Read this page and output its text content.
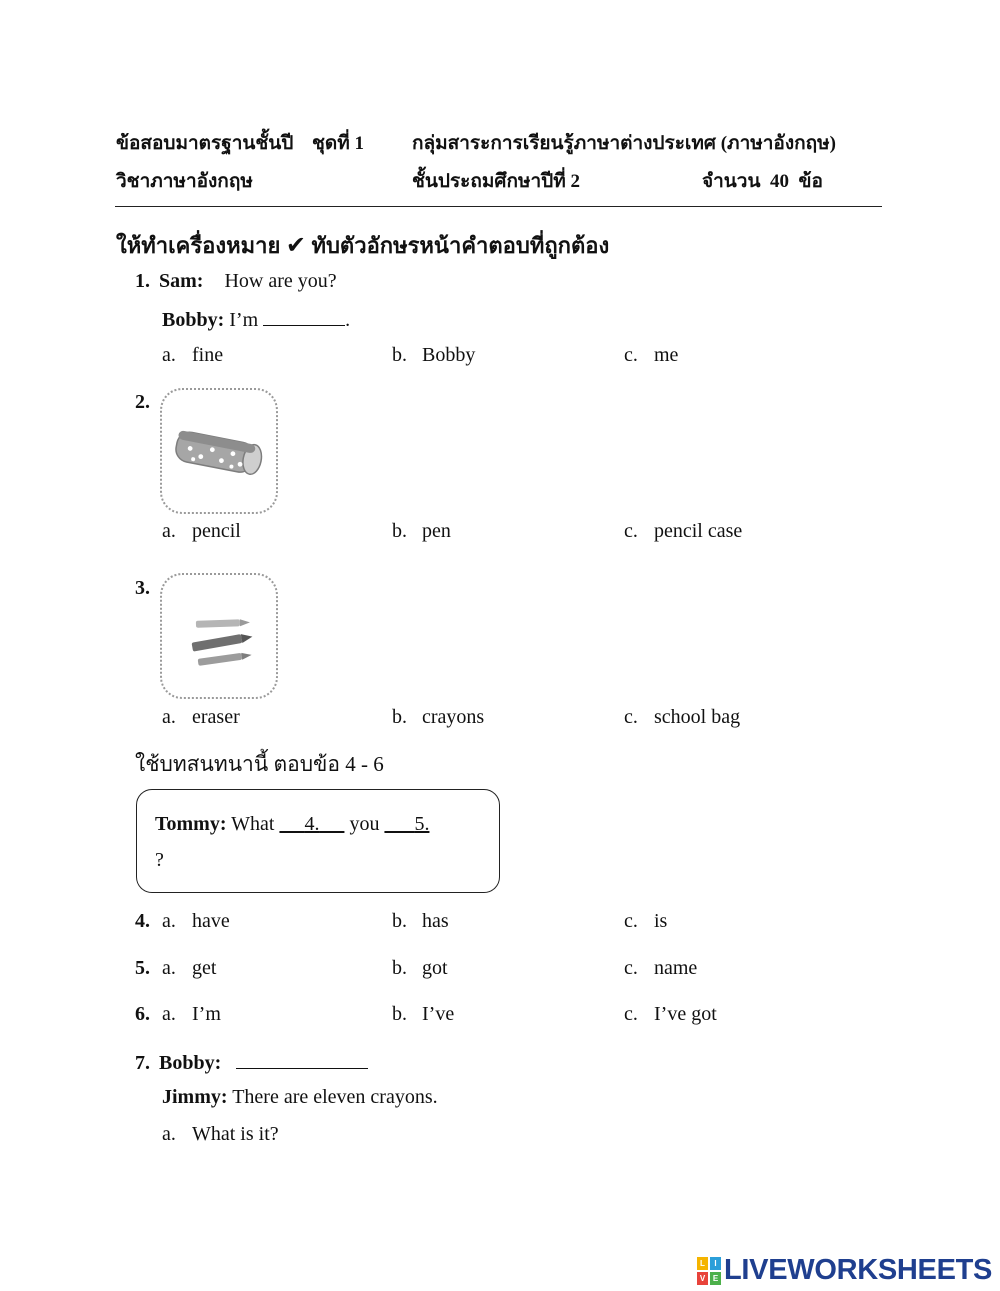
ข้อสอบมาตรฐานชั้นปี ชุดที่ 1	กลุ่มสาระการเรียนรู้ภาษาต่างประเทศ (ภาษาอังกฤษ)
วิชาภาษาอังกฤษ	ชั้นประถมศึกษาปีที่ 2	จำนวน 40 ข้อ
ให้ทำเครื่องหมาย ✔ ทับตัวอักษรหน้าคำตอบที่ถูกต้อง
1. Sam: How are you?
Bobby: I’m	.
a. fine	b. Bobby	c. me
2.
a. pencil	b. pen	c. pencil case
3.
a. eraser	b. crayons	c. school bag
ใช้บทสนทนานี้ ตอบข้อ 4 - 6
Tommy: What 4. you 5.
?
4. a. have	b. has	c. is
5. a. get	b. got	c. name
6. a. I’m	b. I’ve	c. I’ve got
7. Bobby:
Jimmy: There are eleven crayons.
a. What is it?
L	I
V E LIVEWORKSHEETS
